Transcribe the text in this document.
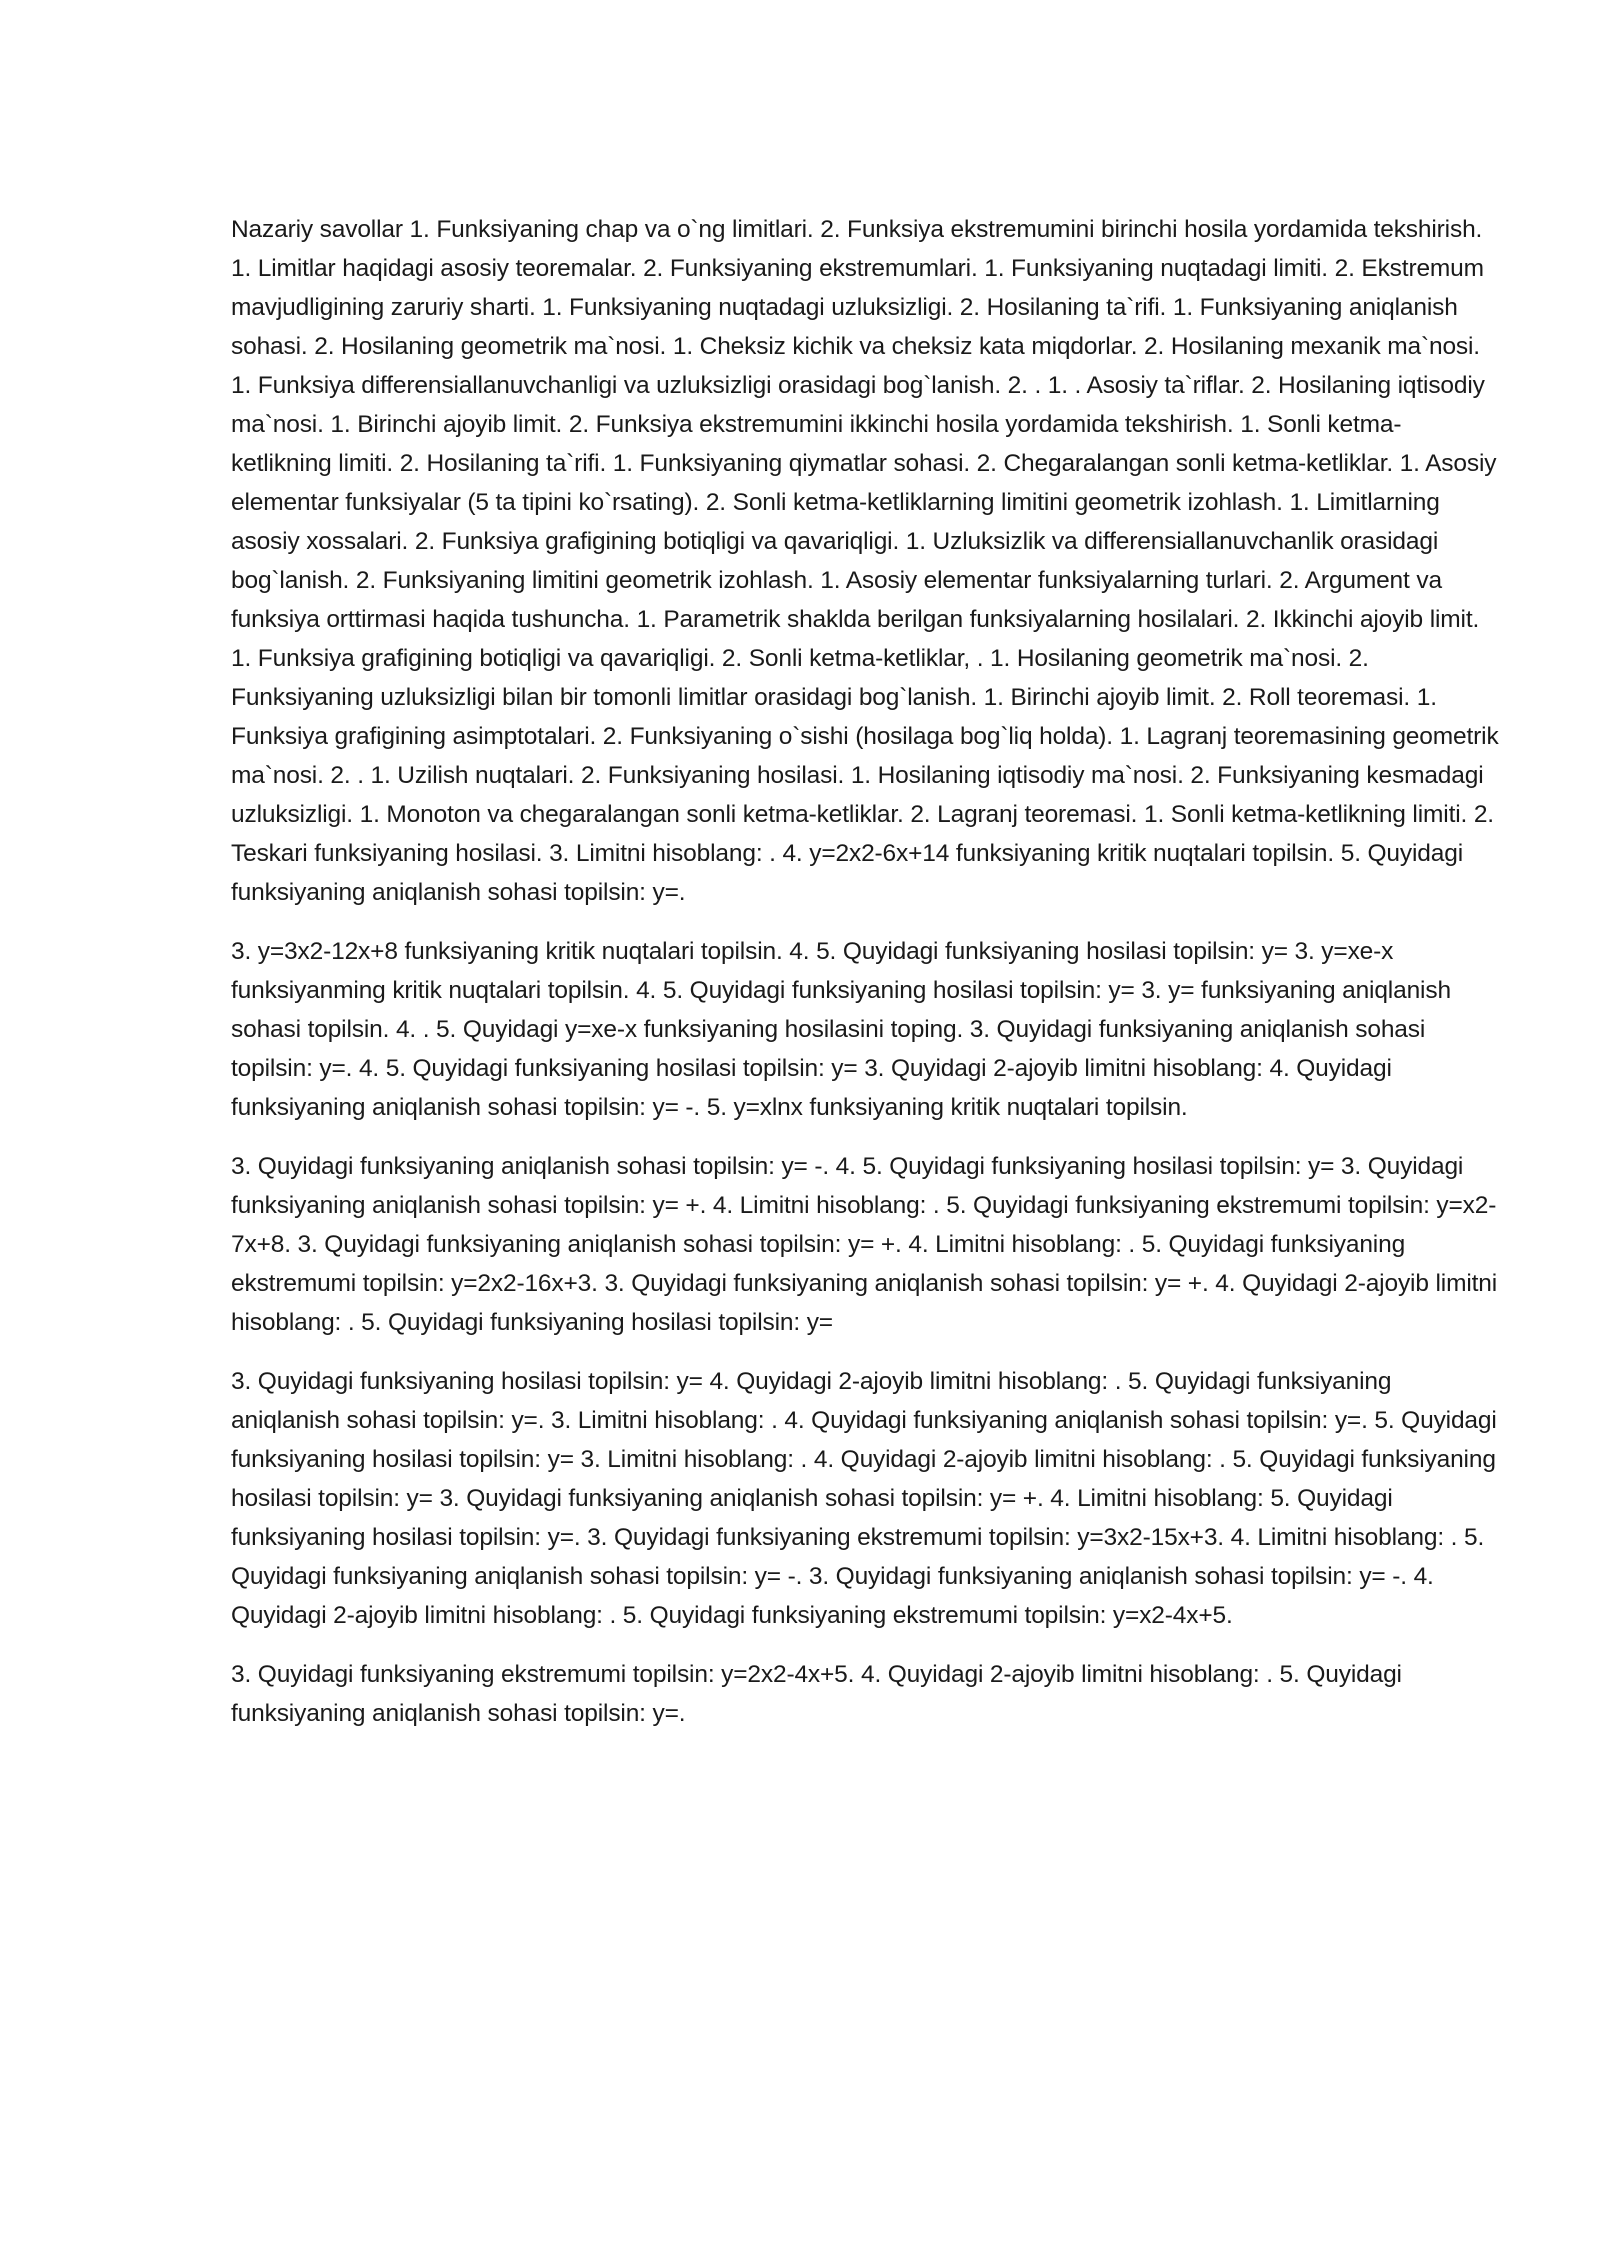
Nazariy savollar 1. Funksiyaning chap va o`ng limitlari. 2. Funksiya ekstremumini birinchi hosila yordamida tekshirish. 1. Limitlar haqidagi asosiy teoremalar. 2. Funksiyaning ekstremumlari. 1. Funksiyaning nuqtadagi limiti. 2. Ekstremum mavjudligining zaruriy sharti. 1. Funksiyaning nuqtadagi uzluksizligi. 2. Hosilaning ta`rifi. 1. Funksiyaning aniqlanish sohasi. 2. Hosilaning geometrik ma`nosi. 1. Cheksiz kichik va cheksiz kata miqdorlar. 2. Hosilaning mexanik ma`nosi. 1. Funksiya differensiallanuvchanligi va uzluksizligi orasidagi bog`lanish. 2. . 1. . Asosiy ta`riflar. 2. Hosilaning iqtisodiy ma`nosi. 1. Birinchi ajoyib limit. 2. Funksiya ekstremumini ikkinchi hosila yordamida tekshirish. 1. Sonli ketma-ketlikning limiti. 2. Hosilaning ta`rifi. 1. Funksiyaning qiymatlar sohasi. 2. Chegaralangan sonli ketma-ketliklar. 1. Asosiy elementar funksiyalar (5 ta tipini ko`rsating). 2. Sonli ketma-ketliklarning limitini geometrik izohlash. 1. Limitlarning asosiy xossalari. 2. Funksiya grafigining botiqligi va qavariqligi. 1. Uzluksizlik va differensiallanuvchanlik orasidagi bog`lanish. 2. Funksiyaning limitini geometrik izohlash. 1. Asosiy elementar funksiyalarning turlari. 2. Argument va funksiya orttirmasi haqida tushuncha. 1. Parametrik shaklda berilgan funksiyalarning hosilalari. 2. Ikkinchi ajoyib limit. 1. Funksiya grafigining botiqligi va qavariqligi. 2. Sonli ketma-ketliklar, . 1. Hosilaning geometrik ma`nosi. 2. Funksiyaning uzluksizligi bilan bir tomonli limitlar orasidagi bog`lanish. 1. Birinchi ajoyib limit. 2. Roll teoremasi. 1. Funksiya grafigining asimptotalari. 2. Funksiyaning o`sishi (hosilaga bog`liq holda). 1. Lagranj teoremasining geometrik ma`nosi. 2. . 1. Uzilish nuqtalari. 2. Funksiyaning hosilasi. 1. Hosilaning iqtisodiy ma`nosi. 2. Funksiyaning kesmadagi uzluksizligi. 1. Monoton va chegaralangan sonli ketma-ketliklar. 2. Lagranj teoremasi. 1. Sonli ketma-ketlikning limiti. 2. Teskari funksiyaning hosilasi. 3. Limitni hisoblang: . 4. y=2x2-6x+14 funksiyaning kritik nuqtalari topilsin. 5. Quyidagi funksiyaning aniqlanish sohasi topilsin: y=.

3. y=3x2-12x+8 funksiyaning kritik nuqtalari topilsin. 4. 5. Quyidagi funksiyaning hosilasi topilsin: y= 3. y=xe-x funksiyanming kritik nuqtalari topilsin. 4. 5. Quyidagi funksiyaning hosilasi topilsin: y= 3. y= funksiyaning aniqlanish sohasi topilsin. 4. . 5. Quyidagi y=xe-x funksiyaning hosilasini toping. 3. Quyidagi funksiyaning aniqlanish sohasi topilsin: y=. 4. 5. Quyidagi funksiyaning hosilasi topilsin: y= 3. Quyidagi 2-ajoyib limitni hisoblang: 4. Quyidagi funksiyaning aniqlanish sohasi topilsin: y= -. 5. y=xlnx funksiyaning kritik nuqtalari topilsin.

3. Quyidagi funksiyaning aniqlanish sohasi topilsin: y= -. 4. 5. Quyidagi funksiyaning hosilasi topilsin: y= 3. Quyidagi funksiyaning aniqlanish sohasi topilsin: y= +. 4. Limitni hisoblang: . 5. Quyidagi funksiyaning ekstremumi topilsin: y=x2-7x+8. 3. Quyidagi funksiyaning aniqlanish sohasi topilsin: y= +. 4. Limitni hisoblang: . 5. Quyidagi funksiyaning ekstremumi topilsin: y=2x2-16x+3. 3. Quyidagi funksiyaning aniqlanish sohasi topilsin: y= +. 4. Quyidagi 2-ajoyib limitni hisoblang: . 5. Quyidagi funksiyaning hosilasi topilsin: y=

3. Quyidagi funksiyaning hosilasi topilsin: y= 4. Quyidagi 2-ajoyib limitni hisoblang: . 5. Quyidagi funksiyaning aniqlanish sohasi topilsin: y=. 3. Limitni hisoblang: . 4. Quyidagi funksiyaning aniqlanish sohasi topilsin: y=. 5. Quyidagi funksiyaning hosilasi topilsin: y= 3. Limitni hisoblang: . 4. Quyidagi 2-ajoyib limitni hisoblang: . 5. Quyidagi funksiyaning hosilasi topilsin: y= 3. Quyidagi funksiyaning aniqlanish sohasi topilsin: y= +. 4. Limitni hisoblang: 5. Quyidagi funksiyaning hosilasi topilsin: y=. 3. Quyidagi funksiyaning ekstremumi topilsin: y=3x2-15x+3. 4. Limitni hisoblang: . 5. Quyidagi funksiyaning aniqlanish sohasi topilsin: y= -. 3. Quyidagi funksiyaning aniqlanish sohasi topilsin: y= -. 4. Quyidagi 2-ajoyib limitni hisoblang: . 5. Quyidagi funksiyaning ekstremumi topilsin: y=x2-4x+5.

3. Quyidagi funksiyaning ekstremumi topilsin: y=2x2-4x+5. 4. Quyidagi 2-ajoyib limitni hisoblang: . 5. Quyidagi funksiyaning aniqlanish sohasi topilsin: y=.
